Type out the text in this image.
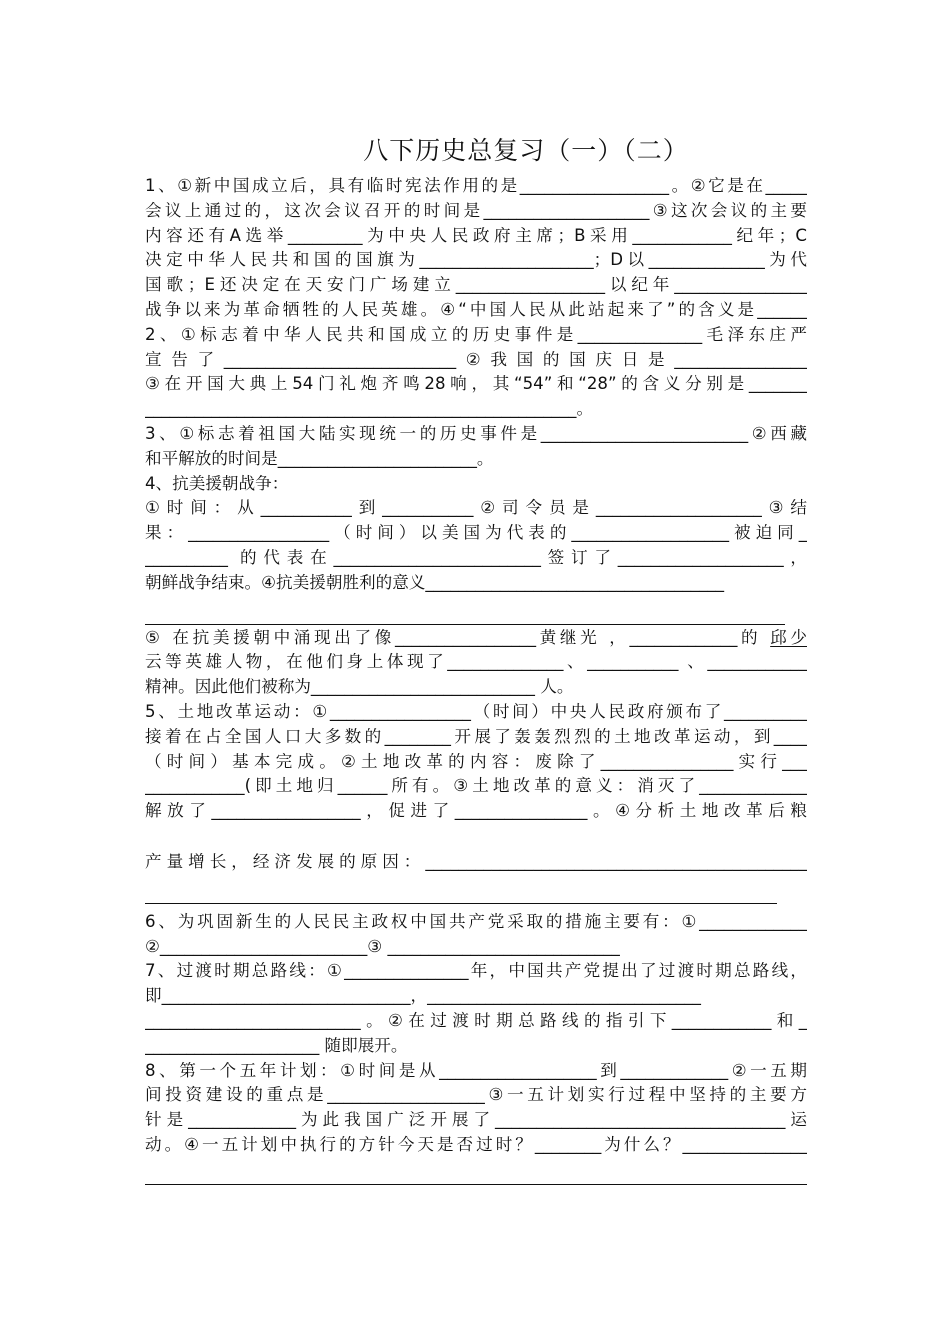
八下历史总复习（一）（二）
1、①新中国成立后，具有临时宪法作用的是__________________。②它是在_____
会议上通过的，这次会议召开的时间是____________________③这次会议的主要
内容还有A选举_________为中央人民政府主席；B采用____________纪年；C
决定中华人民共和国的国旗为_____________________；D以______________为代
国歌；E还决定在天安门广场建立__________________以纪年________________
战争以来为革命牺牲的人民英雄。④“中国人民从此站起来了”的含义是______
2、①标志着中华人民共和国成立的历史事件是_______________毛泽东庄严
宣告了____________________________②我国的国庆日是________________
③在开国大典上54门礼炮齐鸣28响，其“54”和“28”的含义分别是_______
____________________________________________________。
3、①标志着祖国大陆实现统一的历史事件是_________________________②西藏
和平解放的时间是________________________。
4、抗美援朝战争：
①时间：从___________到___________②司令员是____________________③结
果：_________________（时间）以美国为代表的___________________被迫同_
__________ 的代表在_________________________签订了____________________，
朝鲜战争结束。④抗美援朝胜利的意义____________________________________
⑤ 在抗美援朝中涌现出了像_________________黄继光 ，_____________的 邱少
云等英雄人物，在他们身上体现了______________、___________ 、____________
精神。因此他们被称为___________________________ 人。
5、土地改革运动：①_________________（时间）中央人民政府颁布了__________
接着在占全国人口大多数的________开展了轰轰烈烈的土地改革运动，到____
（时间）基本完成。②土地改革的内容：废除了________________实行___
____________(即土地归______所有。③土地改革的意义：消灭了_____________
解放了__________________，促进了________________。④分析土地改革后粮
产量增长，经济发展的原因：______________________________________________
6、为巩固新生的人民民主政权中国共产党采取的措施主要有：①_____________
②_________________________③ ____________________________
7、过渡时期总路线：①_______________年，中国共产党提出了过渡时期总路线，
即______________________________，_________________________________
__________________________。②在过渡时期总路线的指引下____________和_
_____________________ 随即展开。
8、第一个五年计划：①时间是从___________________到_____________②一五期
间投资建设的重点是___________________③一五计划实行过程中坚持的主要方
针是_____________为此我国广泛开展了___________________________________运
动。④一五计划中执行的方针今天是否过时？________为什么？_______________
